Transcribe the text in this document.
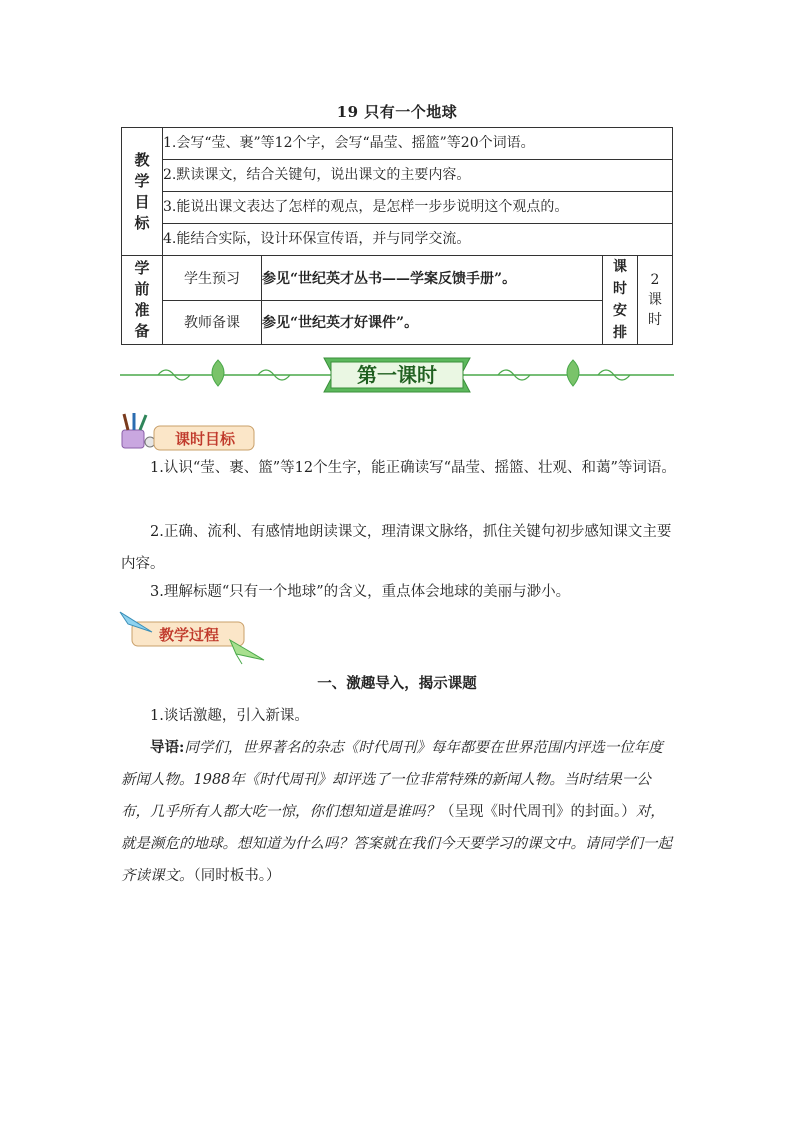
19 只有一个地球
教学目标	1.会写“莹、裹”等12个字，会写“晶莹、摇篮”等20个词语。			
	2.默读课文，结合关键句，说出课文的主要内容。			
	3.能说出课文表达了怎样的观点，是怎样一步步说明这个观点的。			
	4.能结合实际，设计环保宣传语，并与同学交流。			

学前准备	学生预习	参见“世纪英才丛书——学案反馈手册”。	课时安排	2课时

	教师备课	参见“世纪英才好课件”。		
第一课时
课时目标
1.认识“莹、裹、篮”等12个生字，能正确读写“晶莹、摇篮、壮观、和蔼”等词语。
2.正确、流利、有感情地朗读课文，理清课文脉络，抓住关键句初步感知课文主要内容。
3.理解标题“只有一个地球”的含义，重点体会地球的美丽与渺小。
教学过程
一、激趣导入，揭示课题
1.谈话激趣，引入新课。
导语:同学们，世界著名的杂志《时代周刊》每年都要在世界范围内评选一位年度新闻人物。1988年《时代周刊》却评选了一位非常特殊的新闻人物。当时结果一公布，几乎所有人都大吃一惊，你们想知道是谁吗？（呈现《时代周刊》的封面。）对，就是濒危的地球。想知道为什么吗？答案就在我们今天要学习的课文中。请同学们一起齐读课文。（同时板书。）
